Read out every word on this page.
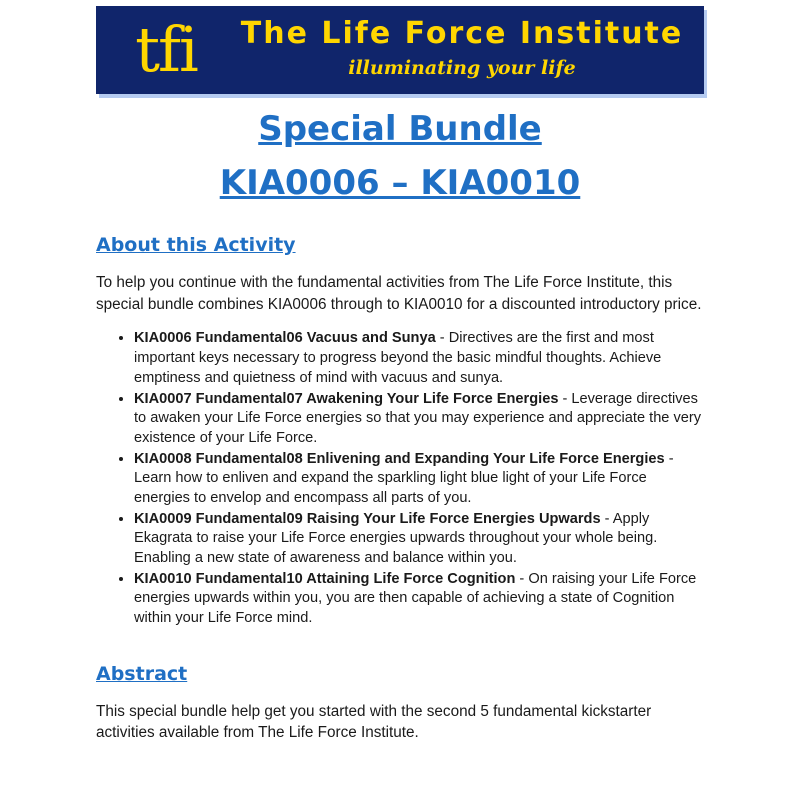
tfi	The Life Force Institute
illuminating your life
Special Bundle
KIA0006 – KIA0010
About this Activity

To help you continue with the fundamental activities from The Life Force Institute, this special bundle combines KIA0006 through to KIA0010 for a discounted introductory price.

• KIA0006 Fundamental06 Vacuus and Sunya - Directives are the first and most important keys necessary to progress beyond the basic mindful thoughts. Achieve emptiness and quietness of mind with vacuus and sunya.
• KIA0007 Fundamental07 Awakening Your Life Force Energies - Leverage directives to awaken your Life Force energies so that you may experience and appreciate the very existence of your Life Force.
• KIA0008 Fundamental08 Enlivening and Expanding Your Life Force Energies - Learn how to enliven and expand the sparkling light blue light of your Life Force energies to envelop and encompass all parts of you.
• KIA0009 Fundamental09 Raising Your Life Force Energies Upwards - Apply Ekagrata to raise your Life Force energies upwards throughout your whole being. Enabling a new state of awareness and balance within you.
• KIA0010 Fundamental10 Attaining Life Force Cognition - On raising your Life Force energies upwards within you, you are then capable of achieving a state of Cognition within your Life Force mind.
Abstract

This special bundle help get you started with the second 5 fundamental kickstarter activities available from The Life Force Institute.
